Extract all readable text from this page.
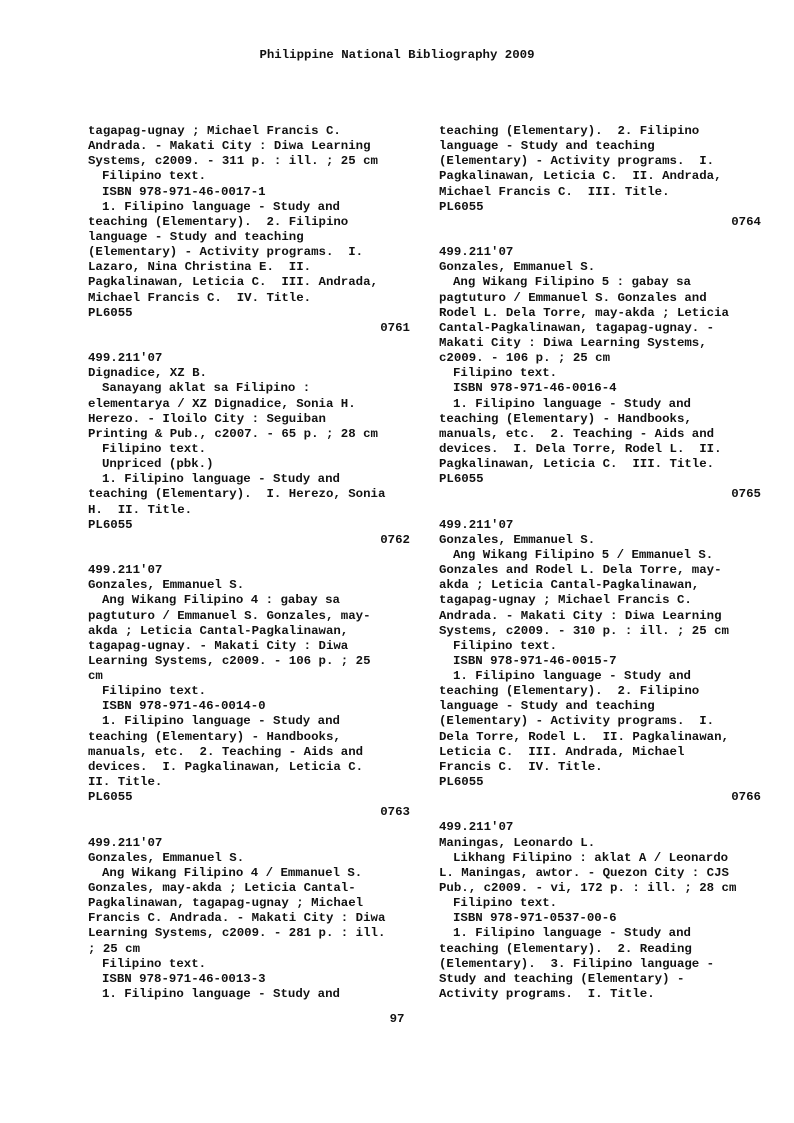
Philippine National Bibliography 2009
tagapag-ugnay ; Michael Francis C.
Andrada. - Makati City : Diwa Learning
Systems, c2009. - 311 p. : ill. ; 25 cm
Filipino text.
ISBN 978-971-46-0017-1
1. Filipino language - Study and
teaching (Elementary).  2. Filipino
language - Study and teaching
(Elementary) - Activity programs.  I.
Lazaro, Nina Christina E.  II.
Pagkalinawan, Leticia C.  III. Andrada,
Michael Francis C.  IV. Title.
PL6055
0761
499.211'07
Dignadice, XZ B.
Sanayang aklat sa Filipino :
elementarya / XZ Dignadice, Sonia H.
Herezo. - Iloilo City : Seguiban
Printing & Pub., c2007. - 65 p. ; 28 cm
Filipino text.
Unpriced (pbk.)
1. Filipino language - Study and
teaching (Elementary).  I. Herezo, Sonia
H.  II. Title.
PL6055
0762
499.211'07
Gonzales, Emmanuel S.
Ang Wikang Filipino 4 : gabay sa
pagtuturo / Emmanuel S. Gonzales, may-
akda ; Leticia Cantal-Pagkalinawan,
tagapag-ugnay. - Makati City : Diwa
Learning Systems, c2009. - 106 p. ; 25
cm
Filipino text.
ISBN 978-971-46-0014-0
1. Filipino language - Study and
teaching (Elementary) - Handbooks,
manuals, etc.  2. Teaching - Aids and
devices.  I. Pagkalinawan, Leticia C.
II. Title.
PL6055
0763
499.211'07
Gonzales, Emmanuel S.
Ang Wikang Filipino 4 / Emmanuel S.
Gonzales, may-akda ; Leticia Cantal-
Pagkalinawan, tagapag-ugnay ; Michael
Francis C. Andrada. - Makati City : Diwa
Learning Systems, c2009. - 281 p. : ill.
; 25 cm
Filipino text.
ISBN 978-971-46-0013-3
1. Filipino language - Study and
teaching (Elementary).  2. Filipino
language - Study and teaching
(Elementary) - Activity programs.  I.
Pagkalinawan, Leticia C.  II. Andrada,
Michael Francis C.  III. Title.
PL6055
0764
499.211'07
Gonzales, Emmanuel S.
Ang Wikang Filipino 5 : gabay sa
pagtuturo / Emmanuel S. Gonzales and
Rodel L. Dela Torre, may-akda ; Leticia
Cantal-Pagkalinawan, tagapag-ugnay. -
Makati City : Diwa Learning Systems,
c2009. - 106 p. ; 25 cm
Filipino text.
ISBN 978-971-46-0016-4
1. Filipino language - Study and
teaching (Elementary) - Handbooks,
manuals, etc.  2. Teaching - Aids and
devices.  I. Dela Torre, Rodel L.  II.
Pagkalinawan, Leticia C.  III. Title.
PL6055
0765
499.211'07
Gonzales, Emmanuel S.
Ang Wikang Filipino 5 / Emmanuel S.
Gonzales and Rodel L. Dela Torre, may-
akda ; Leticia Cantal-Pagkalinawan,
tagapag-ugnay ; Michael Francis C.
Andrada. - Makati City : Diwa Learning
Systems, c2009. - 310 p. : ill. ; 25 cm
Filipino text.
ISBN 978-971-46-0015-7
1. Filipino language - Study and
teaching (Elementary).  2. Filipino
language - Study and teaching
(Elementary) - Activity programs.  I.
Dela Torre, Rodel L.  II. Pagkalinawan,
Leticia C.  III. Andrada, Michael
Francis C.  IV. Title.
PL6055
0766
499.211'07
Maningas, Leonardo L.
Likhang Filipino : aklat A / Leonardo
L. Maningas, awtor. - Quezon City : CJS
Pub., c2009. - vi, 172 p. : ill. ; 28 cm
Filipino text.
ISBN 978-971-0537-00-6
1. Filipino language - Study and
teaching (Elementary).  2. Reading
(Elementary).  3. Filipino language -
Study and teaching (Elementary) -
Activity programs.  I. Title.
97
